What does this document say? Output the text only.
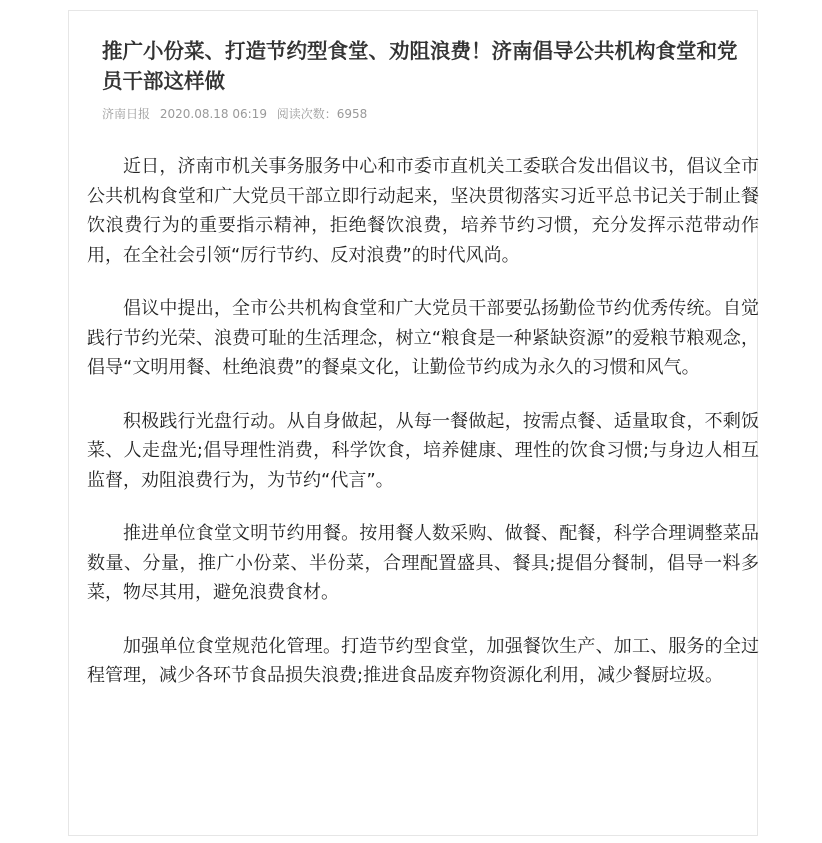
推广小份菜、打造节约型食堂、劝阻浪费！济南倡导公共机构食堂和党员干部这样做
济南日报 2020.08.18 06:19 阅读次数：6958

近日，济南市机关事务服务中心和市委市直机关工委联合发出倡议书，倡议全市公共机构食堂和广大党员干部立即行动起来，坚决贯彻落实习近平总书记关于制止餐饮浪费行为的重要指示精神，拒绝餐饮浪费，培养节约习惯，充分发挥示范带动作用，在全社会引领“厉行节约、反对浪费”的时代风尚。

倡议中提出，全市公共机构食堂和广大党员干部要弘扬勤俭节约优秀传统。自觉践行节约光荣、浪费可耻的生活理念，树立“粮食是一种紧缺资源”的爱粮节粮观念，倡导“文明用餐、杜绝浪费”的餐桌文化，让勤俭节约成为永久的习惯和风气。

积极践行光盘行动。从自身做起，从每一餐做起，按需点餐、适量取食，不剩饭菜、人走盘光;倡导理性消费，科学饮食，培养健康、理性的饮食习惯;与身边人相互监督，劝阻浪费行为，为节约“代言”。

推进单位食堂文明节约用餐。按用餐人数采购、做餐、配餐，科学合理调整菜品数量、分量，推广小份菜、半份菜，合理配置盛具、餐具;提倡分餐制，倡导一料多菜，物尽其用，避免浪费食材。

加强单位食堂规范化管理。打造节约型食堂，加强餐饮生产、加工、服务的全过程管理，减少各环节食品损失浪费;推进食品废弃物资源化利用，减少餐厨垃圾。
